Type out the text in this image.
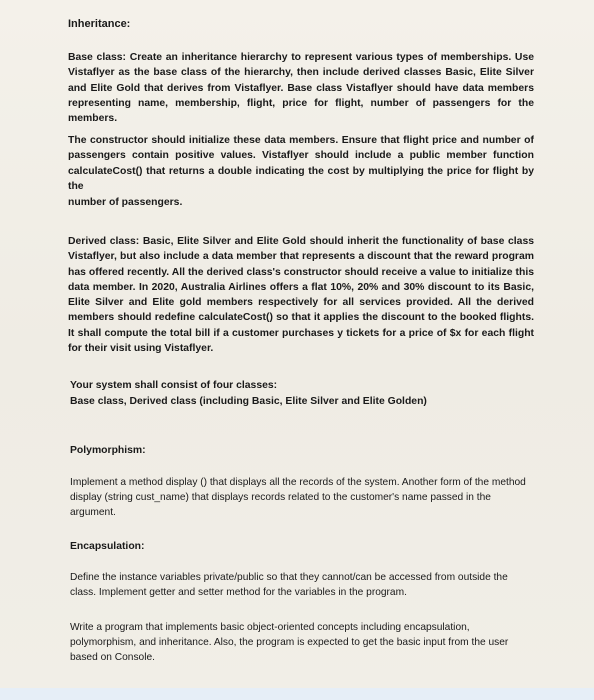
Inheritance:
Base class: Create an inheritance hierarchy to represent various types of memberships. Use Vistaflyer as the base class of the hierarchy, then include derived classes Basic, Elite Silver and Elite Gold that derives from Vistaflyer. Base class Vistaflyer should have data members representing name, membership, flight, price for flight, number of passengers for the members.
The constructor should initialize these data members. Ensure that flight price and number of passengers contain positive values. Vistaflyer should include a public member function calculateCost() that returns a double indicating the cost by multiplying the price for flight by the
number of passengers.
Derived class: Basic, Elite Silver and Elite Gold should inherit the functionality of base class Vistaflyer, but also include a data member that represents a discount that the reward program has offered recently. All the derived class's constructor should receive a value to initialize this data member. In 2020, Australia Airlines offers a flat 10%, 20% and 30% discount to its Basic, Elite Silver and Elite gold members respectively for all services provided. All the derived members should redefine calculateCost() so that it applies the discount to the booked flights. It shall compute the total bill if a customer purchases y tickets for a price of $x for each flight for their visit using Vistaflyer.
Your system shall consist of four classes:
Base class, Derived class (including Basic, Elite Silver and Elite Golden)
Polymorphism:
Implement a method display () that displays all the records of the system. Another form of the method display (string cust_name) that displays records related to the customer's name passed in the argument.
Encapsulation:
Define the instance variables private/public so that they cannot/can be accessed from outside the class. Implement getter and setter method for the variables in the program.
Write a program that implements basic object-oriented concepts including encapsulation, polymorphism, and inheritance. Also, the program is expected to get the basic input from the user based on Console.
